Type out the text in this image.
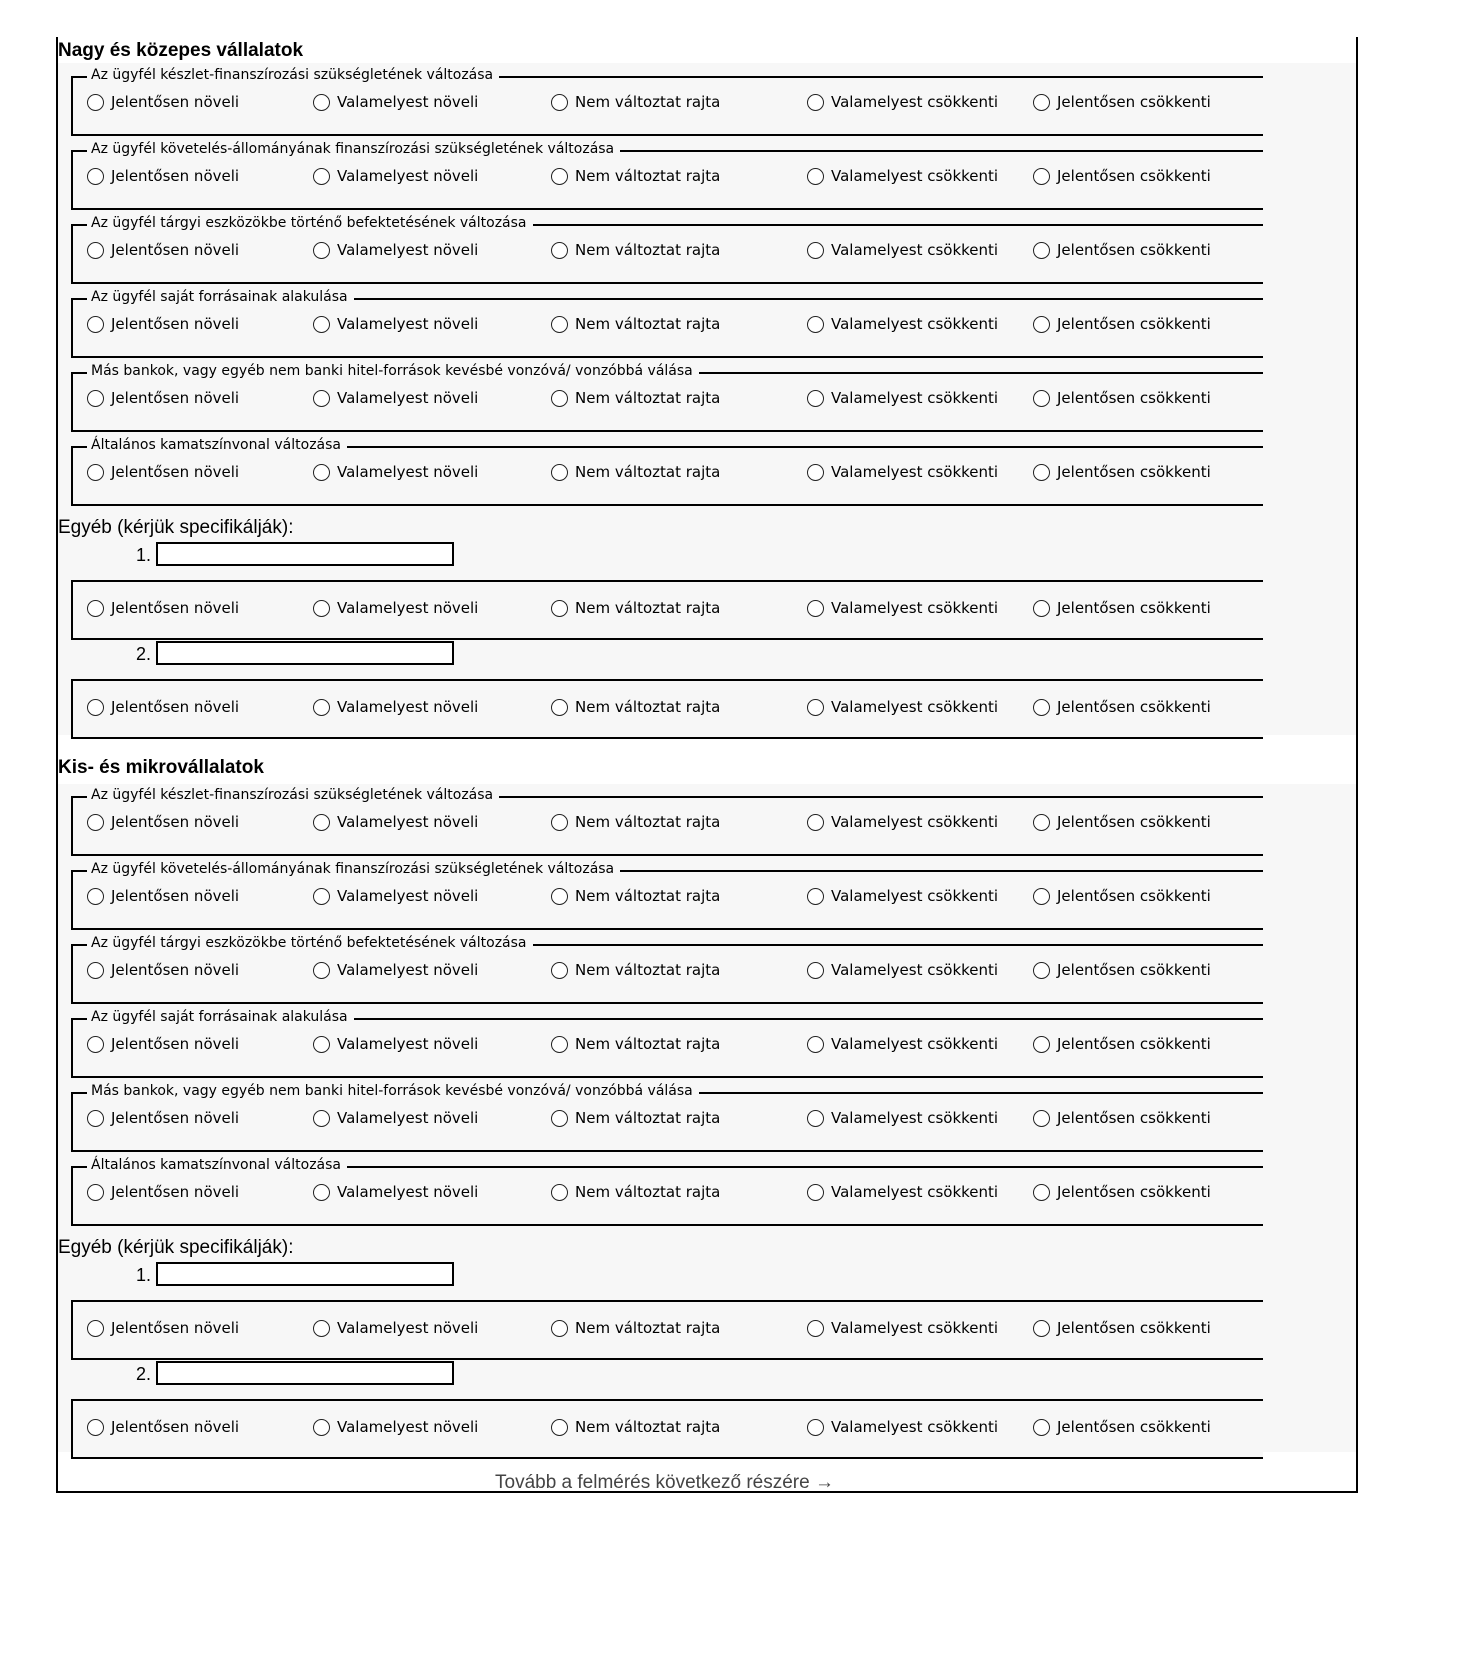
Nagy és közepes vállalatok
Az ügyfél készlet-finanszírozási szükségletének változása
Jelentősen növeli	Valamelyest növeli	Nem változtat rajta	Valamelyest csökkenti	Jelentősen csökkenti
Az ügyfél követelés-állományának finanszírozási szükségletének változása
Jelentősen növeli	Valamelyest növeli	Nem változtat rajta	Valamelyest csökkenti	Jelentősen csökkenti
Az ügyfél tárgyi eszközökbe történő befektetésének változása
Jelentősen növeli	Valamelyest növeli	Nem változtat rajta	Valamelyest csökkenti	Jelentősen csökkenti
Az ügyfél saját forrásainak alakulása
Jelentősen növeli	Valamelyest növeli	Nem változtat rajta	Valamelyest csökkenti	Jelentősen csökkenti
Más bankok, vagy egyéb nem banki hitel-források kevésbé vonzóvá/ vonzóbbá válása
Jelentősen növeli	Valamelyest növeli	Nem változtat rajta	Valamelyest csökkenti	Jelentősen csökkenti
Általános kamatszínvonal változása
Jelentősen növeli	Valamelyest növeli	Nem változtat rajta	Valamelyest csökkenti	Jelentősen csökkenti
Egyéb (kérjük specifikálják):
1.
Jelentősen növeli	Valamelyest növeli	Nem változtat rajta	Valamelyest csökkenti	Jelentősen csökkenti
2.
Jelentősen növeli	Valamelyest növeli	Nem változtat rajta	Valamelyest csökkenti	Jelentősen csökkenti
Kis- és mikrovállalatok
Az ügyfél készlet-finanszírozási szükségletének változása
Jelentősen növeli	Valamelyest növeli	Nem változtat rajta	Valamelyest csökkenti	Jelentősen csökkenti
Az ügyfél követelés-állományának finanszírozási szükségletének változása
Jelentősen növeli	Valamelyest növeli	Nem változtat rajta	Valamelyest csökkenti	Jelentősen csökkenti
Az ügyfél tárgyi eszközökbe történő befektetésének változása
Jelentősen növeli	Valamelyest növeli	Nem változtat rajta	Valamelyest csökkenti	Jelentősen csökkenti
Az ügyfél saját forrásainak alakulása
Jelentősen növeli	Valamelyest növeli	Nem változtat rajta	Valamelyest csökkenti	Jelentősen csökkenti
Más bankok, vagy egyéb nem banki hitel-források kevésbé vonzóvá/ vonzóbbá válása
Jelentősen növeli	Valamelyest növeli	Nem változtat rajta	Valamelyest csökkenti	Jelentősen csökkenti
Általános kamatszínvonal változása
Jelentősen növeli	Valamelyest növeli	Nem változtat rajta	Valamelyest csökkenti	Jelentősen csökkenti
Egyéb (kérjük specifikálják):
1.
Jelentősen növeli	Valamelyest növeli	Nem változtat rajta	Valamelyest csökkenti	Jelentősen csökkenti
2.
Jelentősen növeli	Valamelyest növeli	Nem változtat rajta	Valamelyest csökkenti	Jelentősen csökkenti
Tovább a felmérés következő részére →
